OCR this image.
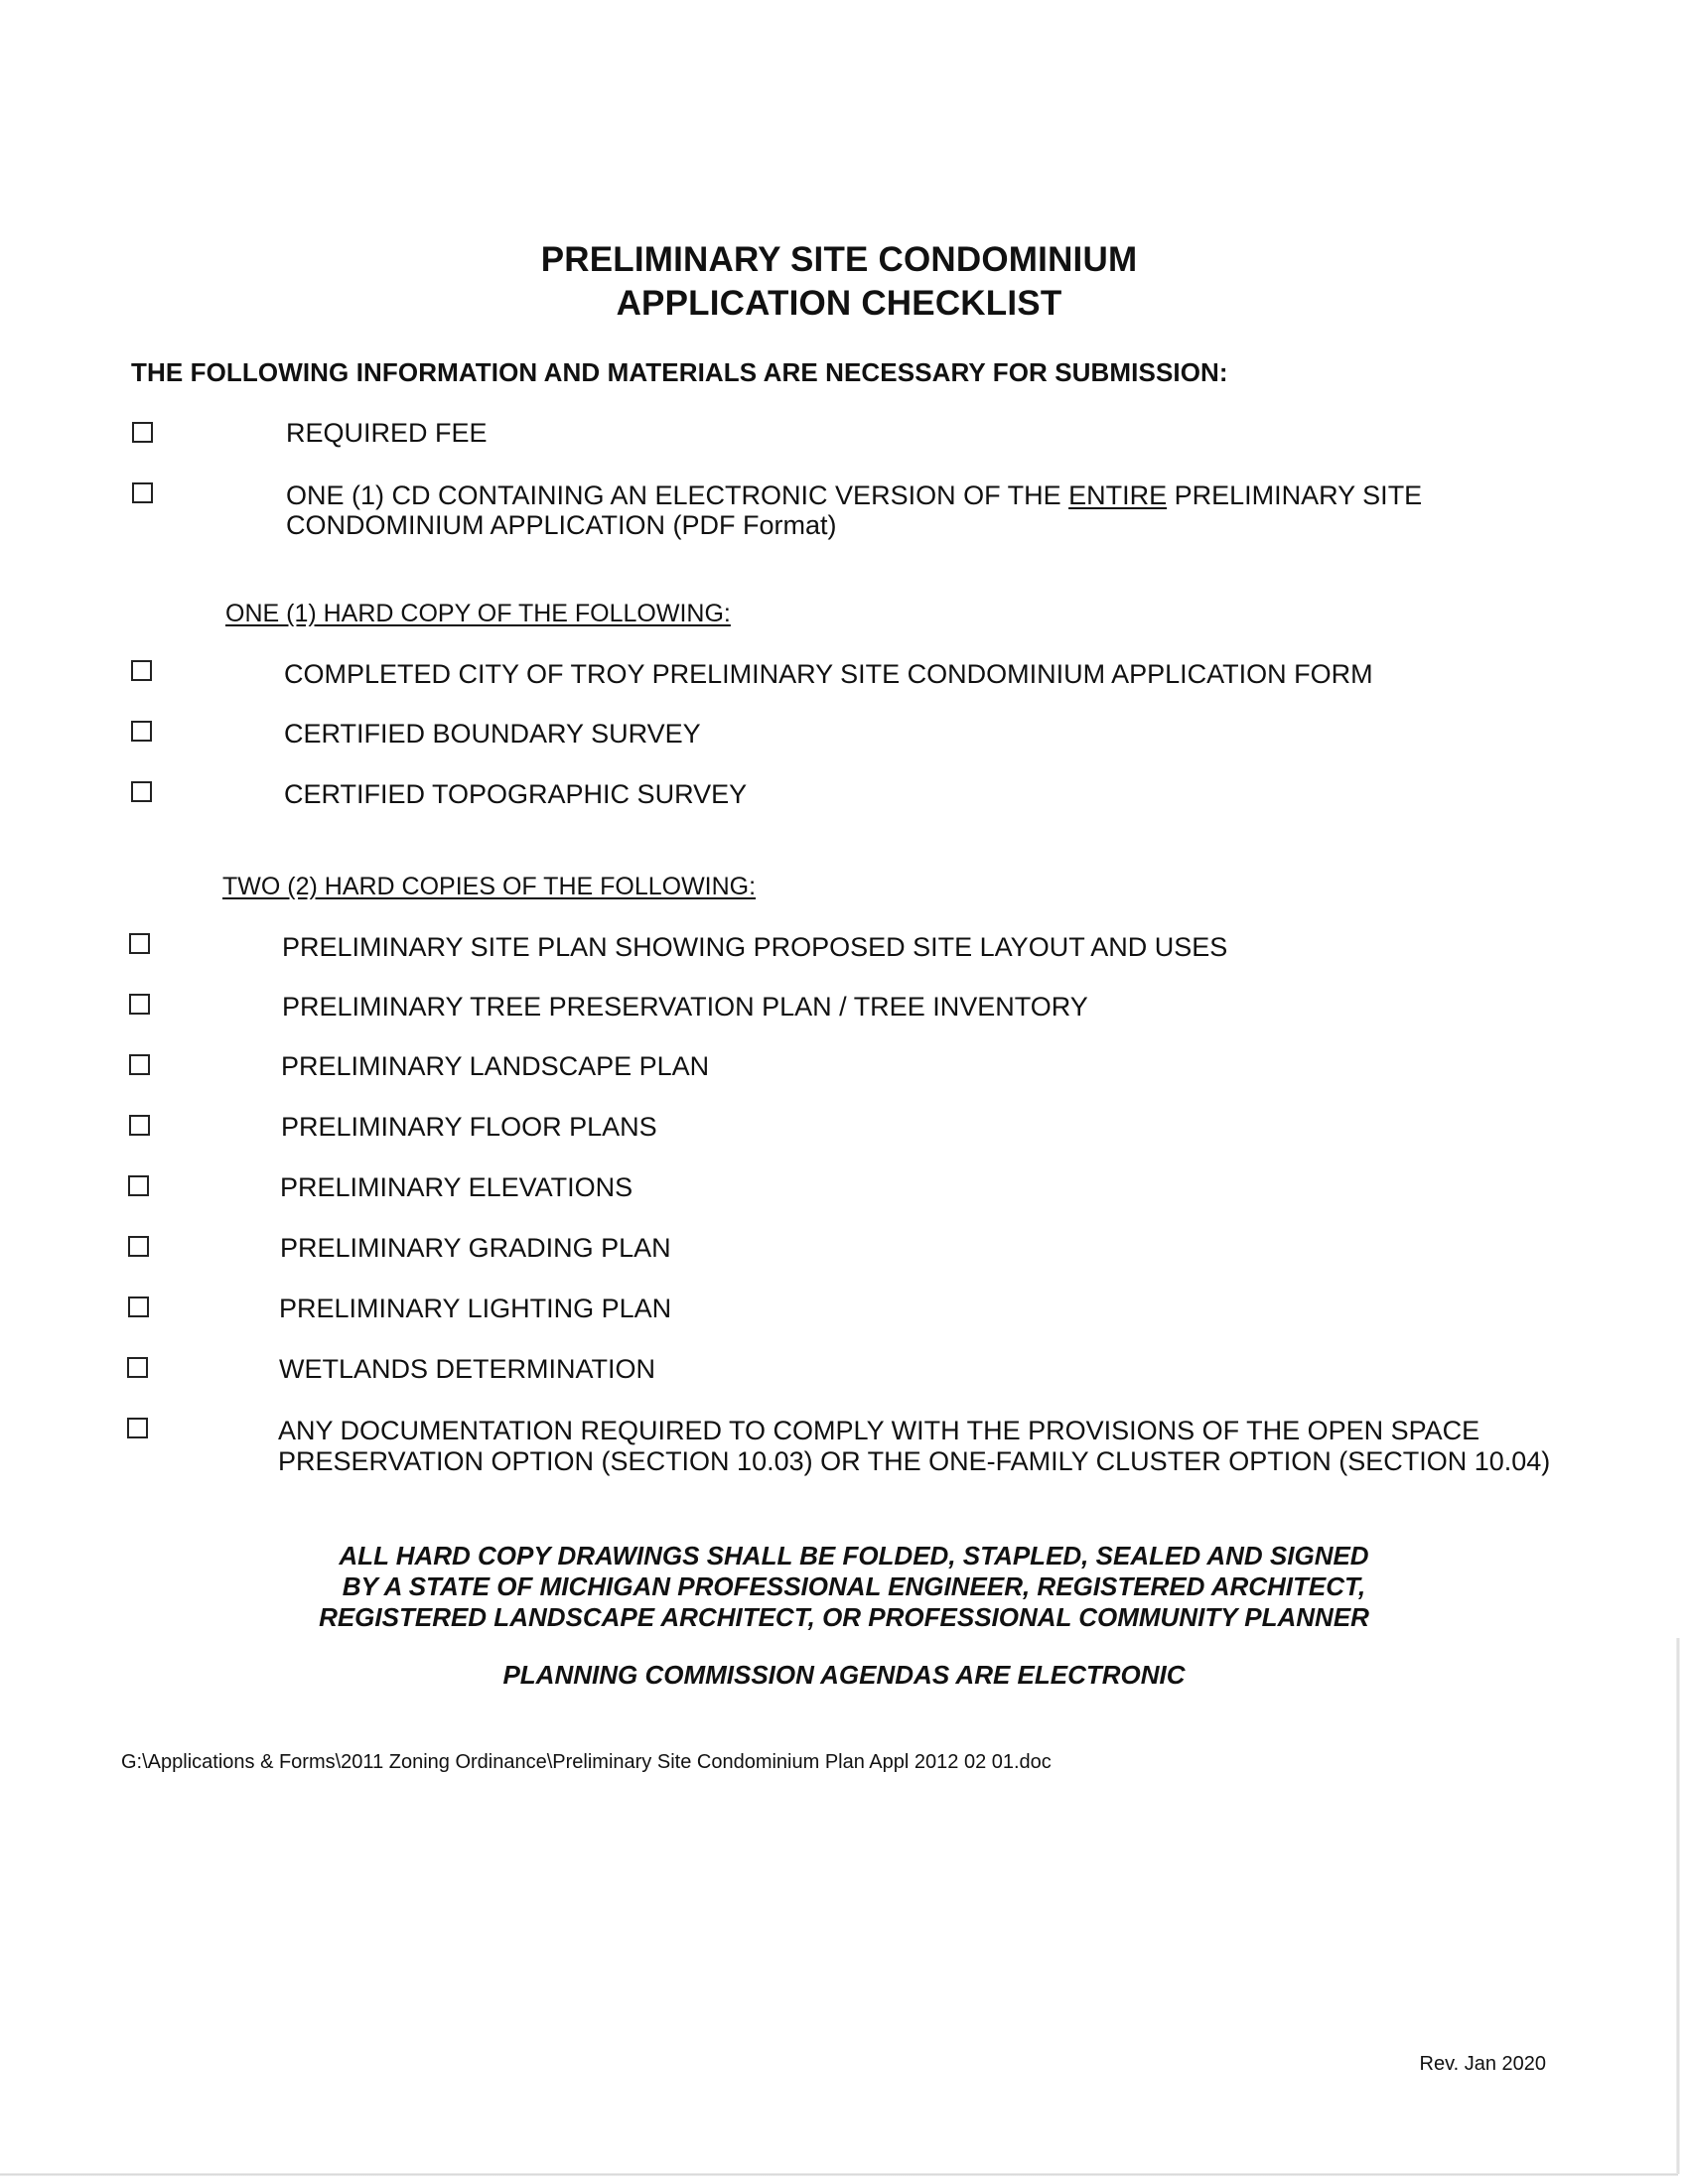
PRELIMINARY SITE CONDOMINIUM
APPLICATION CHECKLIST
THE FOLLOWING INFORMATION AND MATERIALS ARE NECESSARY FOR SUBMISSION:
REQUIRED FEE
ONE (1) CD CONTAINING AN ELECTRONIC VERSION OF THE ENTIRE PRELIMINARY SITE
CONDOMINIUM APPLICATION (PDF Format)
ONE (1) HARD COPY OF THE FOLLOWING:
COMPLETED CITY OF TROY PRELIMINARY SITE CONDOMINIUM APPLICATION FORM
CERTIFIED BOUNDARY SURVEY
CERTIFIED TOPOGRAPHIC SURVEY
TWO (2) HARD COPIES OF THE FOLLOWING:
PRELIMINARY SITE PLAN SHOWING PROPOSED SITE LAYOUT AND USES
PRELIMINARY TREE PRESERVATION PLAN / TREE INVENTORY
PRELIMINARY LANDSCAPE PLAN
PRELIMINARY FLOOR PLANS
PRELIMINARY ELEVATIONS
PRELIMINARY GRADING PLAN
PRELIMINARY LIGHTING PLAN
WETLANDS DETERMINATION
ANY DOCUMENTATION REQUIRED TO COMPLY WITH THE PROVISIONS OF THE OPEN SPACE
PRESERVATION OPTION (SECTION 10.03) OR THE ONE-FAMILY CLUSTER OPTION (SECTION 10.04)
ALL HARD COPY DRAWINGS SHALL BE FOLDED, STAPLED, SEALED AND SIGNED
BY A STATE OF MICHIGAN PROFESSIONAL ENGINEER, REGISTERED ARCHITECT,
REGISTERED LANDSCAPE ARCHITECT, OR PROFESSIONAL COMMUNITY PLANNER
PLANNING COMMISSION AGENDAS ARE ELECTRONIC
G:\Applications & Forms\2011 Zoning Ordinance\Preliminary Site Condominium Plan Appl 2012 02 01.doc
Rev. Jan 2020
